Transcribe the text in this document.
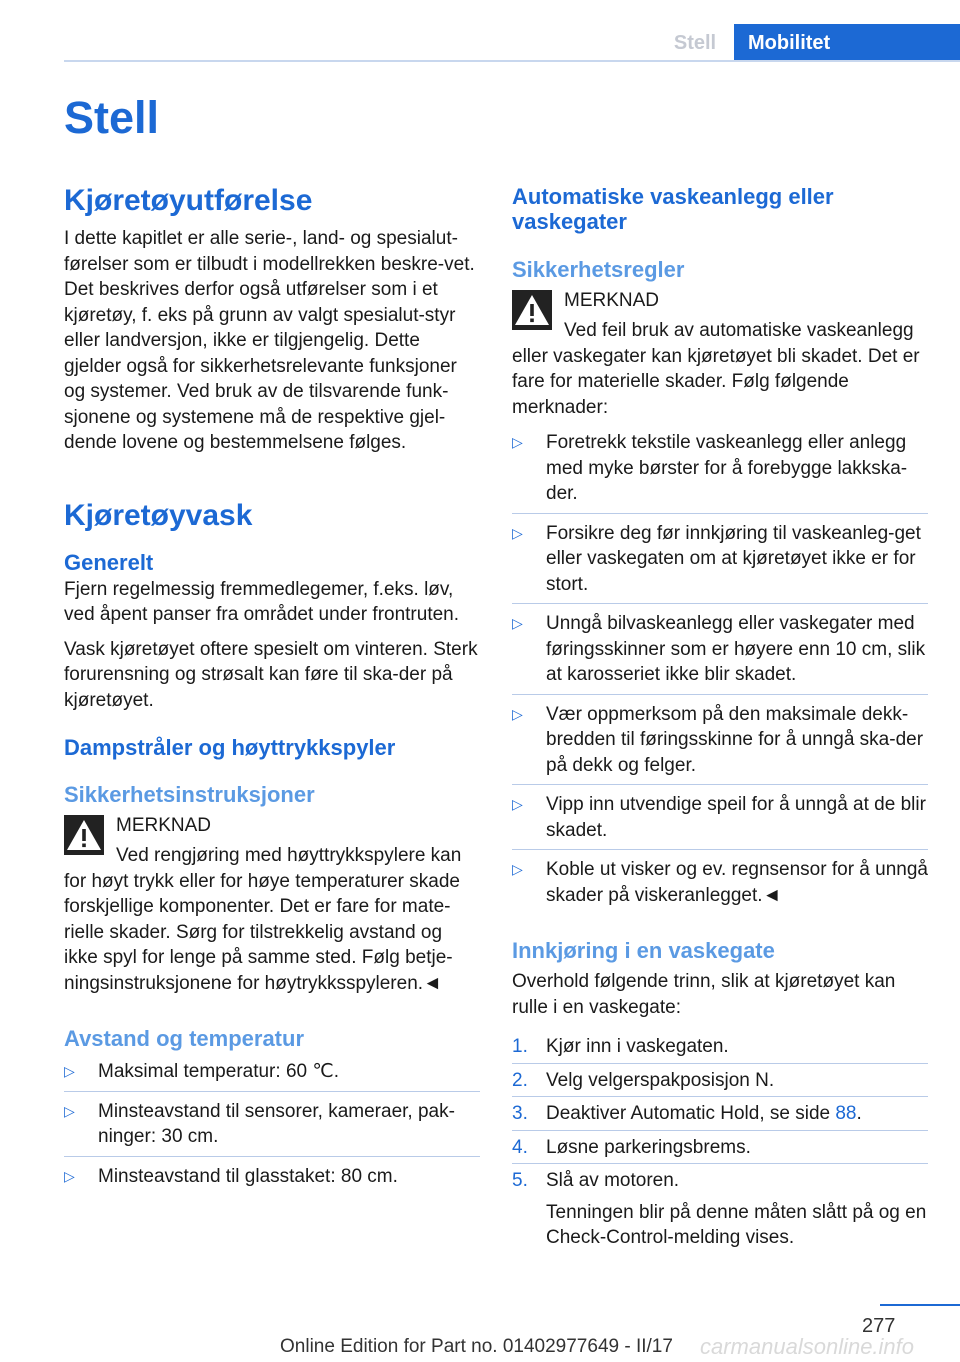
Stell	Mobilitet
Stell
Kjøretøyutførelse

I dette kapitlet er alle serie-, land- og spesialut‐førelser som er tilbudt i modellrekken beskre‐vet. Det beskrives derfor også utførelser som i et kjøretøy, f. eks på grunn av valgt spesialut‐styr eller landversjon, ikke er tilgjengelig. Dette gjelder også for sikkerhetsrelevante funksjoner og systemer. Ved bruk av de tilsvarende funk‐sjonene og systemene må de respektive gjel‐dende lovene og bestemmelsene følges.

Kjøretøyvask
Generelt

Fjern regelmessig fremmedlegemer, f.eks. løv, ved åpent panser fra området under frontruten.

Vask kjøretøyet oftere spesielt om vinteren. Sterk forurensning og strøsalt kan føre til ska‐der på kjøretøyet.

Dampstråler og høyttrykkspyler
Sikkerhetsinstruksjoner
MERKNAD

Ved rengjøring med høyttrykkspylere kan for høyt trykk eller for høye temperaturer skade forskjellige komponenter. Det er fare for mate‐rielle skader. Sørg for tilstrekkelig avstand og ikke spyl for lenge på samme sted. Følg betje‐ningsinstruksjonene for høytrykksspyleren.◄

Avstand og temperatur
▷ Maksimal temperatur: 60 ℃.
▷ Minsteavstand til sensorer, kameraer, pak‐ninger: 30 cm.
▷ Minsteavstand til glasstaket: 80 cm.
Automatiske vaskeanlegg eller vaskegater
Sikkerhetsregler
MERKNAD

Ved feil bruk av automatiske vaskeanlegg eller vaskegater kan kjøretøyet bli skadet. Det er fare for materielle skader. Følg følgende merknader:

▷ Foretrekk tekstile vaskeanlegg eller anlegg med myke børster for å forebygge lakkska‐der.
▷ Forsikre deg før innkjøring til vaskeanleg‐get eller vaskegaten om at kjøretøyet ikke er for stort.
▷ Unngå bilvaskeanlegg eller vaskegater med føringsskinner som er høyere enn 10 cm, slik at karosseriet ikke blir skadet.
▷ Vær oppmerksom på den maksimale dekk‐bredden til føringsskinne for å unngå ska‐der på dekk og felger.
▷ Vipp inn utvendige speil for å unngå at de blir skadet.
▷ Koble ut visker og ev. regnsensor for å unngå skader på viskeranlegget.◄
Innkjøring i en vaskegate

Overhold følgende trinn, slik at kjøretøyet kan rulle i en vaskegate:

1. Kjør inn i vaskegaten.
2. Velg velgerspakposisjon N.
3. Deaktiver Automatic Hold, se side 88.
4. Løsne parkeringsbrems.
5. Slå av motoren.

Tenningen blir på denne måten slått på og en Check-Control-melding vises.

277
Online Edition for Part no. 01402977649 - II/17 carmanualsonline.info
